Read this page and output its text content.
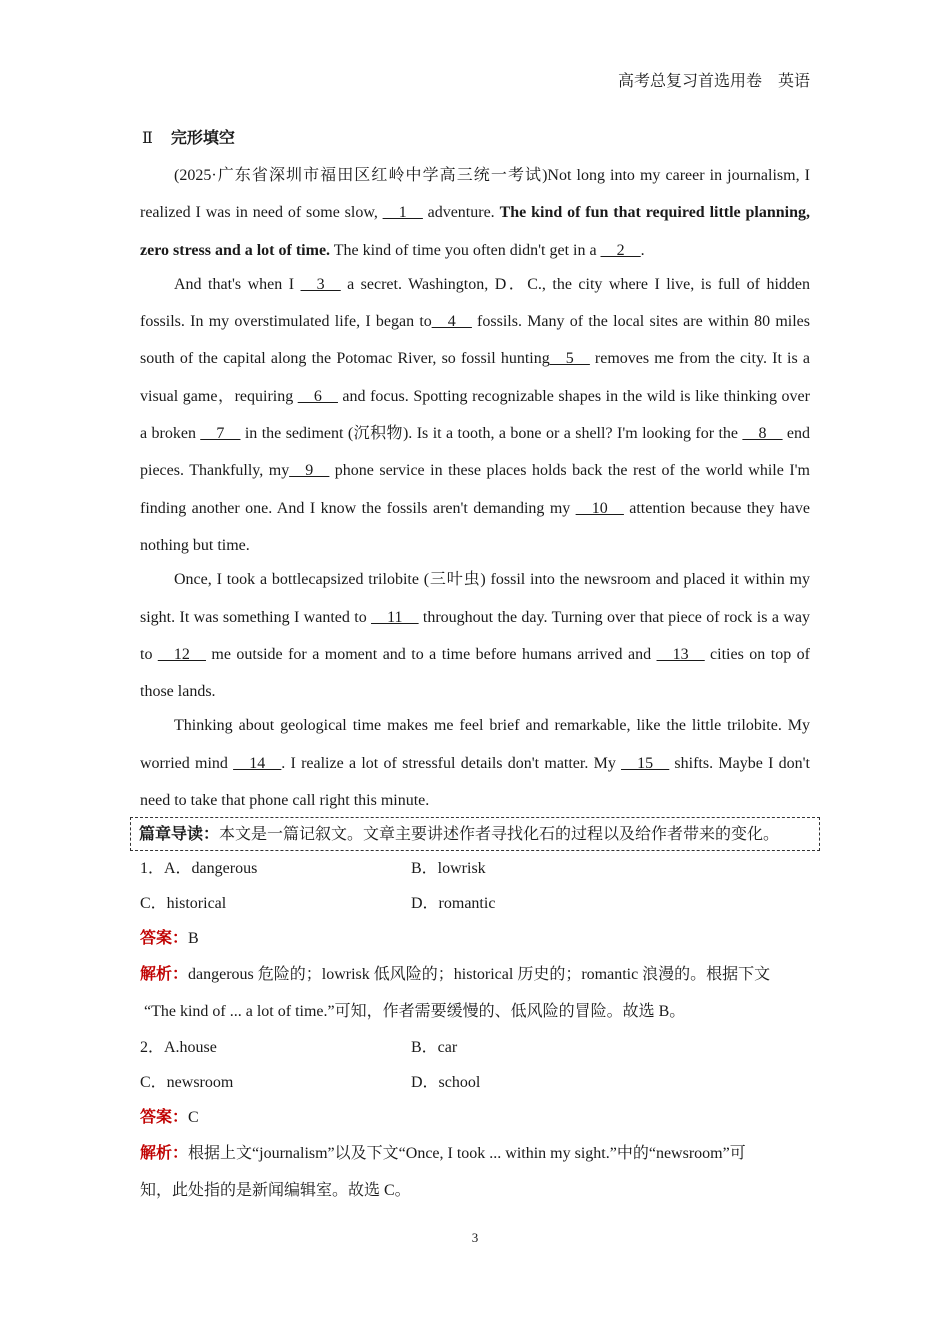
高考总复习首选用卷　英语
Ⅱ 完形填空

(2025·广东省深圳市福田区红岭中学高三统一考试)Not long into my career in journalism, I realized I was in need of some slow, __1__ adventure. The kind of fun that required little planning, zero stress and a lot of time. The kind of time you often didn't get in a __2__.

And that's when I __3__ a secret. Washington, D．C., the city where I live, is full of hidden fossils. In my overstimulated life, I began to__4__ fossils. Many of the local sites are within 80 miles south of the capital along the Potomac River, so fossil hunting__5__ removes me from the city. It is a visual game，requiring __6__ and focus. Spotting recognizable shapes in the wild is like thinking over a broken __7__ in the sediment (沉积物). Is it a tooth, a bone or a shell? I'm looking for the __8__ end pieces. Thankfully, my__9__ phone service in these places holds back the rest of the world while I'm finding another one. And I know the fossils aren't demanding my __10__ attention because they have nothing but time.

Once, I took a bottlecapsized trilobite (三叶虫) fossil into the newsroom and placed it within my sight. It was something I wanted to __11__ throughout the day. Turning over that piece of rock is a way to __12__ me outside for a moment and to a time before humans arrived and __13__ cities on top of those lands.

Thinking about geological time makes me feel brief and remarkable, like the little trilobite. My worried mind __14__. I realize a lot of stressful details don't matter. My __15__ shifts. Maybe I don't need to take that phone call right this minute.

篇章导读：本文是一篇记叙文。文章主要讲述作者寻找化石的过程以及给作者带来的变化。
1．A．dangerous	B．lowrisk
C．historical	D．romantic
答案：B
解析：dangerous 危险的；lowrisk 低风险的；historical 历史的；romantic 浪漫的。根据下文
“The kind of ... a lot of time.”可知，作者需要缓慢的、低风险的冒险。故选 B。
2．A.house	B．car
C．newsroom	D．school
答案：C
解析：根据上文“journalism”以及下文“Once, I took ... within my sight.”中的“newsroom”可
知，此处指的是新闻编辑室。故选 C。
3
